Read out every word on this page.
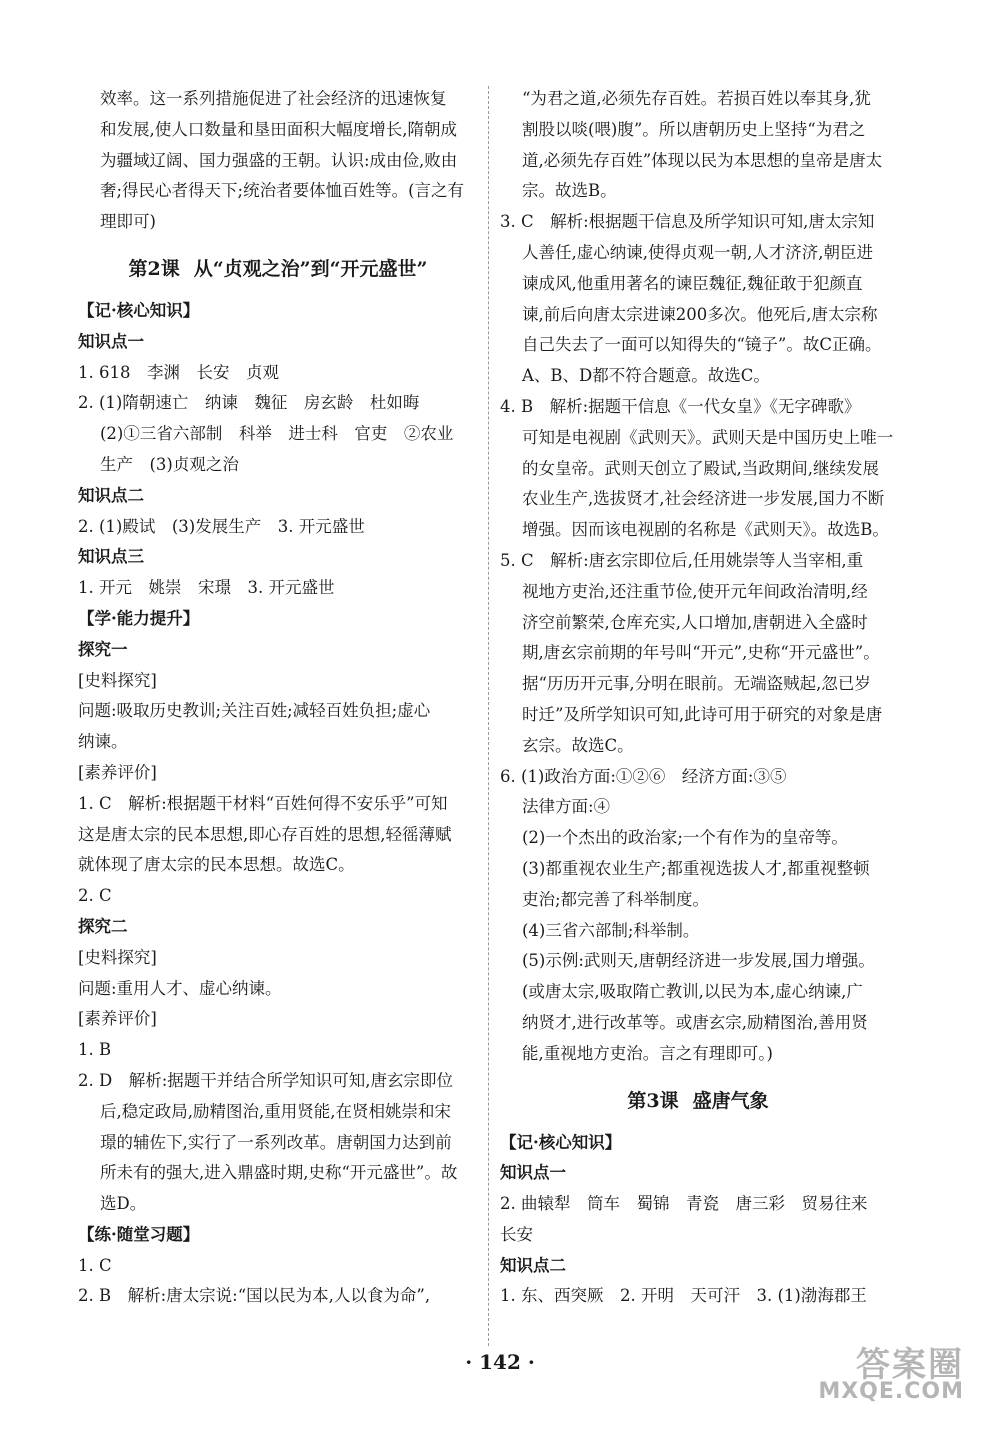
效率。这一系列措施促进了社会经济的迅速恢复
和发展,使人口数量和垦田面积大幅度增长,隋朝成
为疆域辽阔、国力强盛的王朝。认识:成由俭,败由
奢;得民心者得天下;统治者要体恤百姓等。(言之有
理即可)
第2课 从“贞观之治”到“开元盛世”
【记·核心知识】
知识点一
1. 618　李渊　长安　贞观
2. (1)隋朝速亡　纳谏　魏征　房玄龄　杜如晦
(2)①三省六部制　科举　进士科　官吏　②农业
生产　(3)贞观之治
知识点二
2. (1)殿试　(3)发展生产　3. 开元盛世
知识点三
1. 开元　姚崇　宋璟　3. 开元盛世
【学·能力提升】
探究一
[史料探究]
问题:吸取历史教训;关注百姓;减轻百姓负担;虚心
纳谏。
[素养评价]
1. C　解析:根据题干材料“百姓何得不安乐乎”可知
这是唐太宗的民本思想,即心存百姓的思想,轻徭薄赋
就体现了唐太宗的民本思想。故选C。
2. C
探究二
[史料探究]
问题:重用人才、虚心纳谏。
[素养评价]
1. B
2. D　解析:据题干并结合所学知识可知,唐玄宗即位
后,稳定政局,励精图治,重用贤能,在贤相姚崇和宋
璟的辅佐下,实行了一系列改革。唐朝国力达到前
所未有的强大,进入鼎盛时期,史称“开元盛世”。故
选D。
【练·随堂习题】
1. C
2. B　解析:唐太宗说:“国以民为本,人以食为命”,
“为君之道,必须先存百姓。若损百姓以奉其身,犹
割股以啖(喂)腹”。所以唐朝历史上坚持“为君之
道,必须先存百姓”体现以民为本思想的皇帝是唐太
宗。故选B。
3. C　解析:根据题干信息及所学知识可知,唐太宗知
人善任,虚心纳谏,使得贞观一朝,人才济济,朝臣进
谏成风,他重用著名的谏臣魏征,魏征敢于犯颜直
谏,前后向唐太宗进谏200多次。他死后,唐太宗称
自己失去了一面可以知得失的“镜子”。故C正确。
A、B、D都不符合题意。故选C。
4. B　解析:据题干信息《一代女皇》《无字碑歌》
可知是电视剧《武则天》。武则天是中国历史上唯一
的女皇帝。武则天创立了殿试,当政期间,继续发展
农业生产,选拔贤才,社会经济进一步发展,国力不断
增强。因而该电视剧的名称是《武则天》。故选B。
5. C　解析:唐玄宗即位后,任用姚崇等人当宰相,重
视地方吏治,还注重节俭,使开元年间政治清明,经
济空前繁荣,仓库充实,人口增加,唐朝进入全盛时
期,唐玄宗前期的年号叫“开元”,史称“开元盛世”。
据“历历开元事,分明在眼前。无端盗贼起,忽已岁
时迁”及所学知识可知,此诗可用于研究的对象是唐
玄宗。故选C。
6. (1)政治方面:①②⑥　经济方面:③⑤
法律方面:④
(2)一个杰出的政治家;一个有作为的皇帝等。
(3)都重视农业生产;都重视选拔人才,都重视整顿
吏治;都完善了科举制度。
(4)三省六部制;科举制。
(5)示例:武则天,唐朝经济进一步发展,国力增强。
(或唐太宗,吸取隋亡教训,以民为本,虚心纳谏,广
纳贤才,进行改革等。或唐玄宗,励精图治,善用贤
能,重视地方吏治。言之有理即可。)
第3课 盛唐气象
【记·核心知识】
知识点一
2. 曲辕犁　筒车　蜀锦　青瓷　唐三彩　贸易往来
长安
知识点二
1. 东、西突厥　2. 开明　天可汗　3. (1)渤海郡王
· 142 ·	答案圈
MXQE.COM
